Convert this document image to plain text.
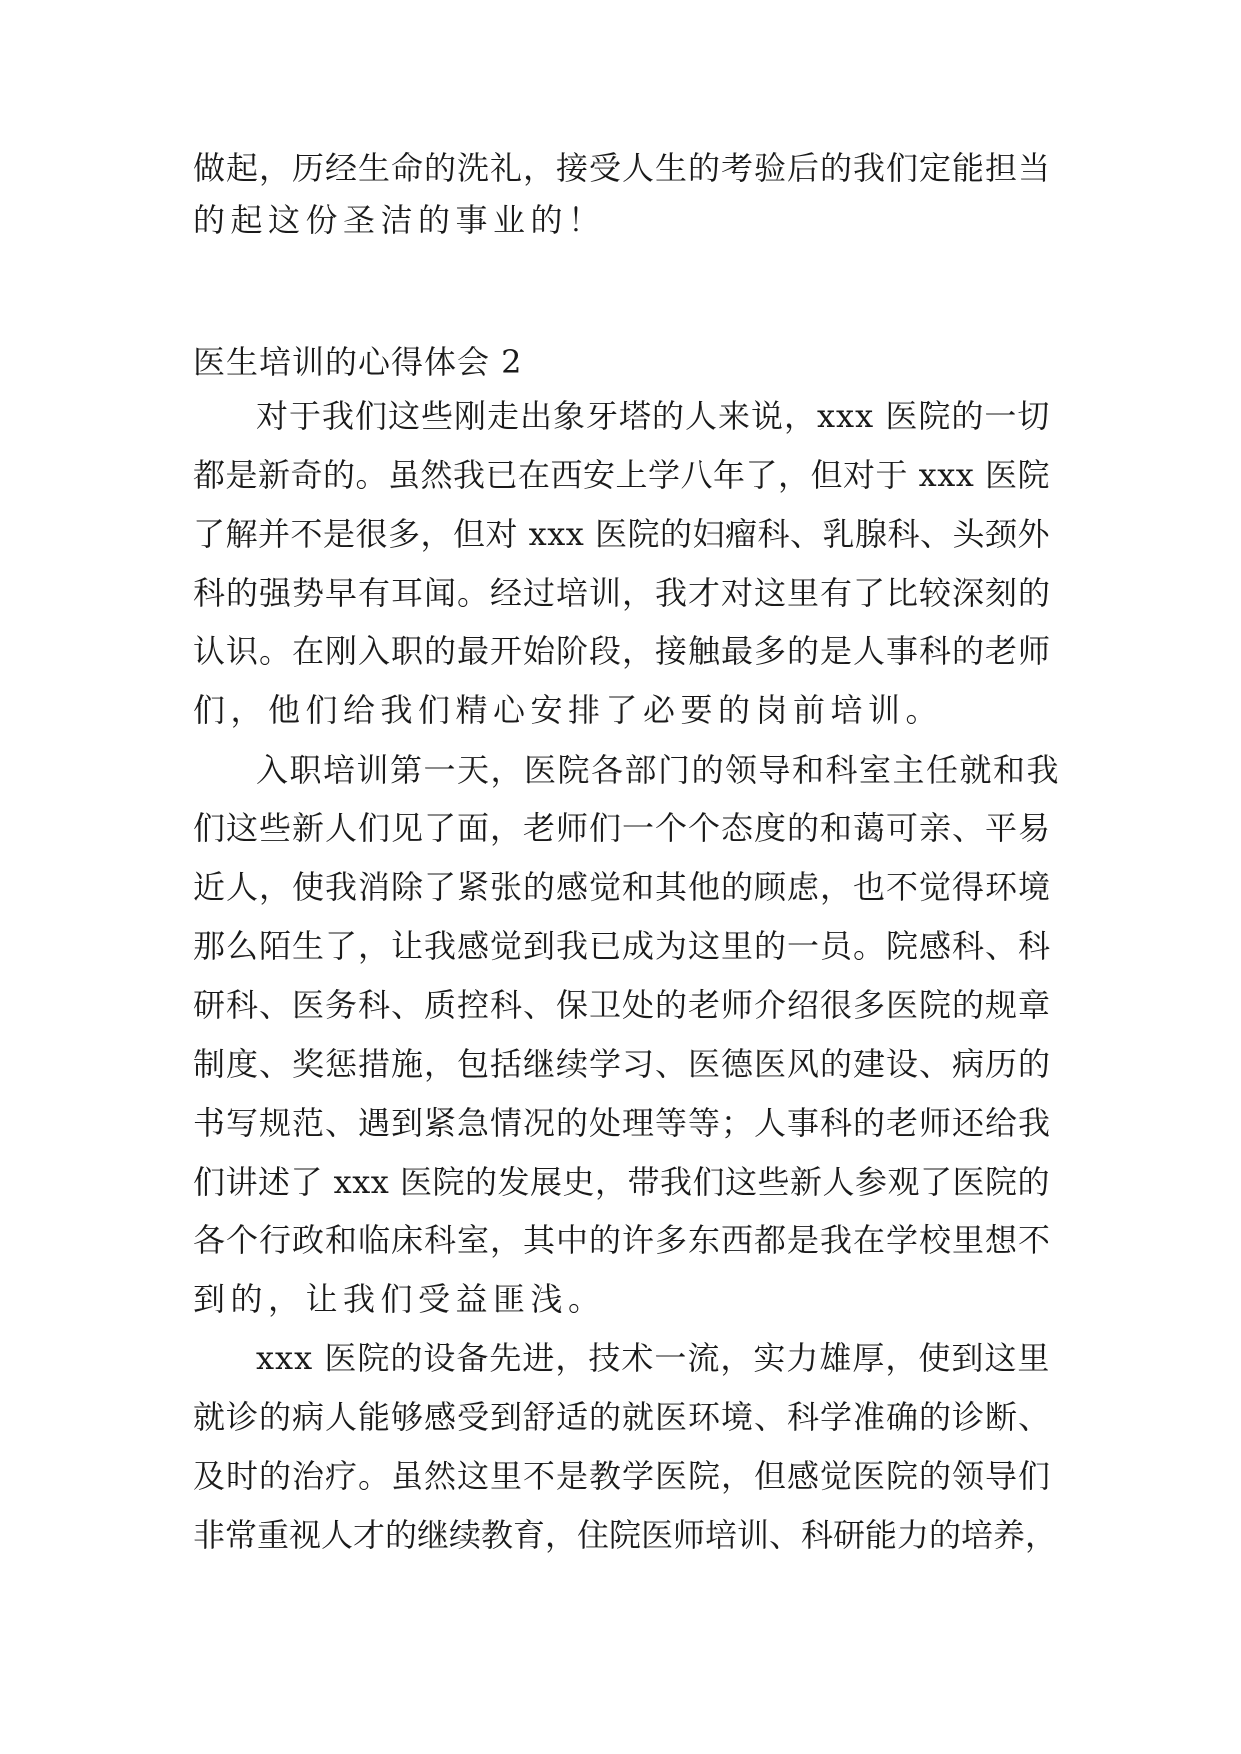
做起，历经生命的洗礼，接受人生的考验后的我们定能担当
的起这份圣洁的事业的！
医生培训的心得体会 2
对于我们这些刚走出象牙塔的人来说，xxx 医院的一切
都是新奇的。虽然我已在西安上学八年了，但对于 xxx 医院
了解并不是很多，但对 xxx 医院的妇瘤科、乳腺科、头颈外
科的强势早有耳闻。经过培训，我才对这里有了比较深刻的
认识。在刚入职的最开始阶段，接触最多的是人事科的老师
们，他们给我们精心安排了必要的岗前培训。
入职培训第一天，医院各部门的领导和科室主任就和我
们这些新人们见了面，老师们一个个态度的和蔼可亲、平易
近人，使我消除了紧张的感觉和其他的顾虑，也不觉得环境
那么陌生了，让我感觉到我已成为这里的一员。院感科、科
研科、医务科、质控科、保卫处的老师介绍很多医院的规章
制度、奖惩措施，包括继续学习、医德医风的建设、病历的
书写规范、遇到紧急情况的处理等等；人事科的老师还给我
们讲述了 xxx 医院的发展史，带我们这些新人参观了医院的
各个行政和临床科室，其中的许多东西都是我在学校里想不
到的，让我们受益匪浅。
xxx 医院的设备先进，技术一流，实力雄厚，使到这里
就诊的病人能够感受到舒适的就医环境、科学准确的诊断、
及时的治疗。虽然这里不是教学医院，但感觉医院的领导们
非常重视人才的继续教育，住院医师培训、科研能力的培养，
